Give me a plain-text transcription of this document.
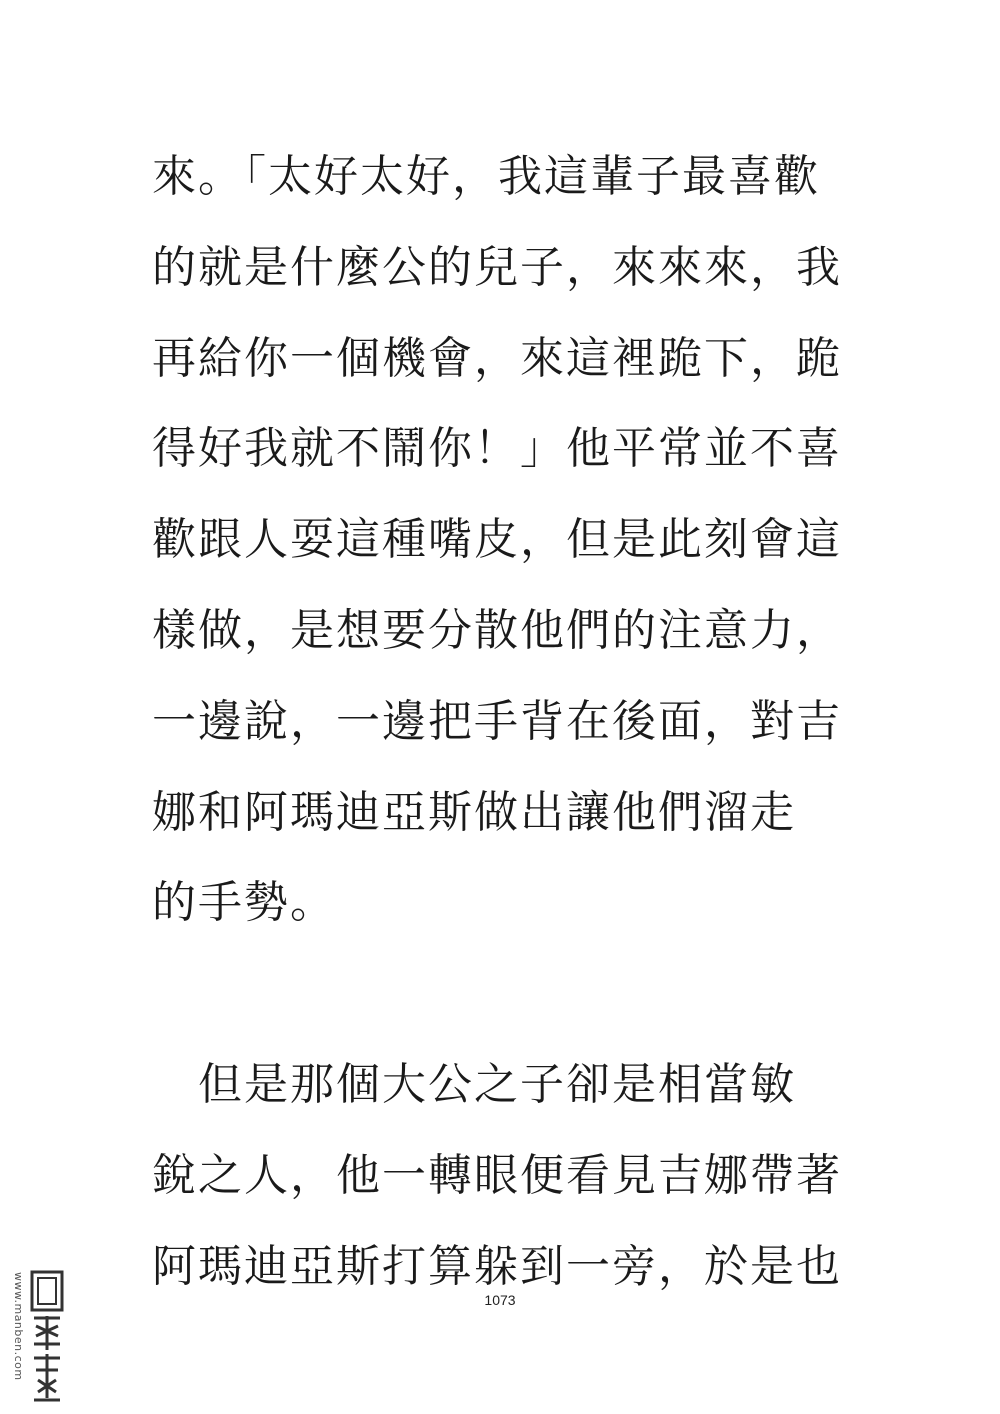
來。「太好太好，我這輩子最喜歡
的就是什麼公的兒子，來來來，我
再給你一個機會，來這裡跪下，跪
得好我就不鬧你！」他平常並不喜
歡跟人耍這種嘴皮，但是此刻會這
樣做，是想要分散他們的注意力，
一邊說，一邊把手背在後面，對吉
娜和阿瑪迪亞斯做出讓他們溜走
的手勢。
　但是那個大公之子卻是相當敏
銳之人，他一轉眼便看見吉娜帶著
阿瑪迪亞斯打算躲到一旁，於是也
1073
www.manben.com
